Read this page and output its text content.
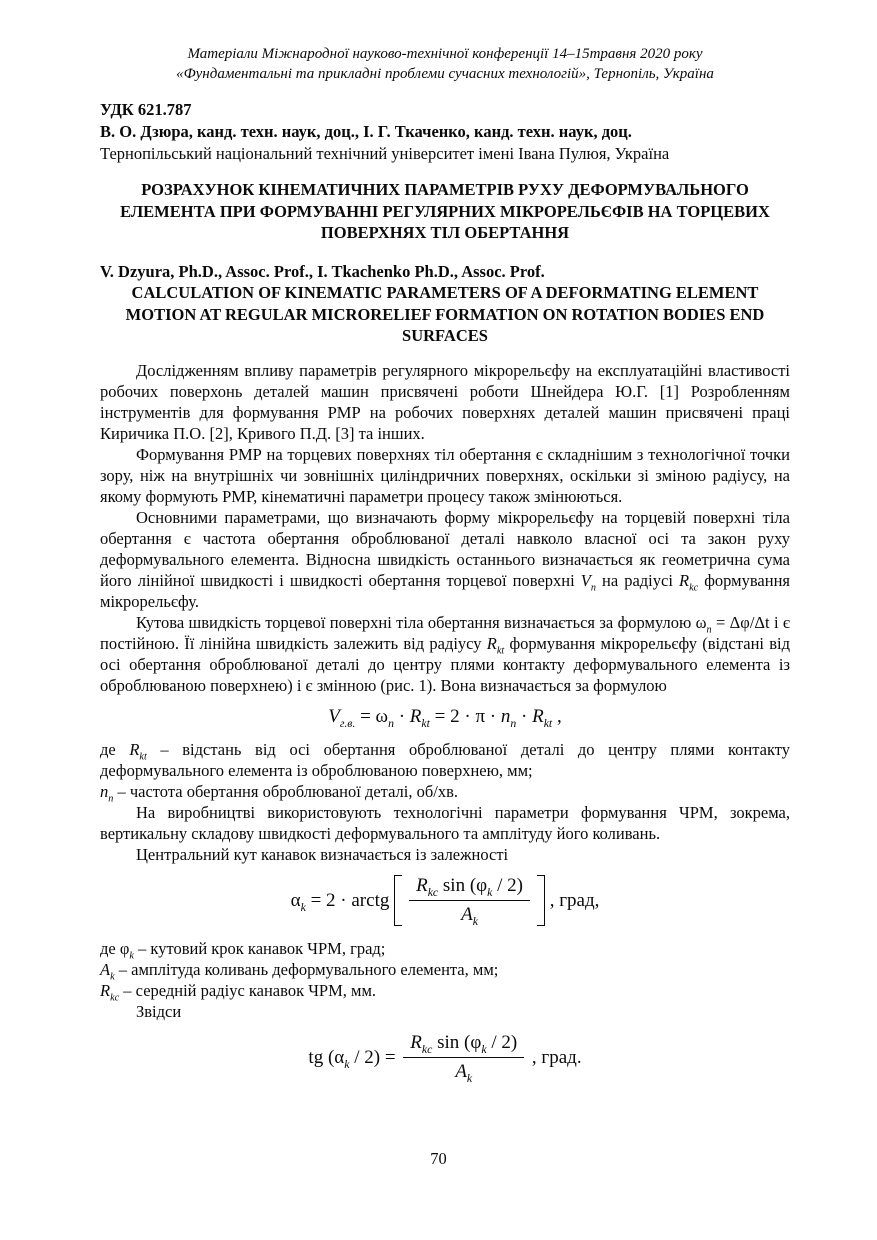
Матеріали Міжнародної науково-технічної конференції 14–15травня 2020 року
«Фундаментальні та прикладні проблеми сучасних технологій», Тернопіль, Україна
УДК 621.787
В. О. Дзюра, канд. техн. наук, доц., І. Г. Ткаченко, канд. техн. наук, доц.
Тернопільський національний технічний університет імені Івана Пулюя, Україна
РОЗРАХУНОК КІНЕМАТИЧНИХ ПАРАМЕТРІВ РУХУ ДЕФОРМУВАЛЬНОГО ЕЛЕМЕНТА ПРИ ФОРМУВАННІ РЕГУЛЯРНИХ МІКРОРЕЛЬЄФІВ НА ТОРЦЕВИХ ПОВЕРХНЯХ ТІЛ ОБЕРТАННЯ
V. Dzyura, Ph.D., Assoc. Prof., I. Tkachenko Ph.D., Assoc. Prof.
CALCULATION OF KINEMATIC PARAMETERS OF A DEFORMATING ELEMENT MOTION AT REGULAR MICRORELIEF FORMATION ON ROTATION BODIES END SURFACES

Дослідженням впливу параметрів регулярного мікрорельєфу на експлуатаційні властивості робочих поверхонь деталей машин присвячені роботи Шнейдера Ю.Г. [1] Розробленням інструментів для формування РМР на робочих поверхнях деталей машин присвячені праці Киричика П.О. [2], Кривого П.Д. [3] та інших.

Формування РМР на торцевих поверхнях тіл обертання є складнішим з технологічної точки зору, ніж на внутрішніх чи зовнішніх циліндричних поверхнях, оскільки зі зміною радіусу, на якому формують РМР, кінематичні параметри процесу також змінюються.

Основними параметрами, що визначають форму мікрорельєфу на торцевій поверхні тіла обертання є частота обертання оброблюваної деталі навколо власної осі та закон руху деформувального елемента. Відносна швидкість останнього визначається як геометрична сума його лінійної швидкості і швидкості обертання торцевої поверхні $V_n$ на радіусі $R_{kc}$ формування мікрорельєфу.

Кутова швидкість торцевої поверхні тіла обертання визначається за формулою $\omega_n = \Delta\varphi/\Delta t$ і є постійною. Її лінійна швидкість залежить від радіусу $R_{kt}$ формування мікрорельєфу (відстані від осі обертання оброблюваної деталі до центру плями контакту деформувального елемента із оброблюваною поверхнею) і є змінною (рис. 1). Вона визначається за формулою

$V_{г.в.} = \omega_n \cdot R_{kt} = 2 \cdot \pi \cdot n_n \cdot R_{kt}$ ,

де $R_{kt}$ – відстань від осі обертання оброблюваної деталі до центру плями контакту деформувального елемента із оброблюваною поверхнею, мм;

$n_n$ – частота обертання оброблюваної деталі, об/хв.

На виробництві використовують технологічні параметри формування ЧРМ, зокрема, вертикальну складову швидкості деформувального та амплітуду його коливань.

Центральний кут канавок визначається із залежності

$\alpha_k = 2$ · arctg $\frac{R_{kc} \sin (\varphi_k / 2)}{A_k}$ , град,

де $\varphi_k$ – кутовий крок канавок ЧРМ, град;

$A_k$ – амплітуда коливань деформувального елемента, мм;

$R_{kc}$ – середній радіус канавок ЧРМ, мм.

Звідси

tg $(\alpha_k / 2) = \frac{R_{kc} \sin (\varphi_k / 2)}{A_k}$ , град.
70
